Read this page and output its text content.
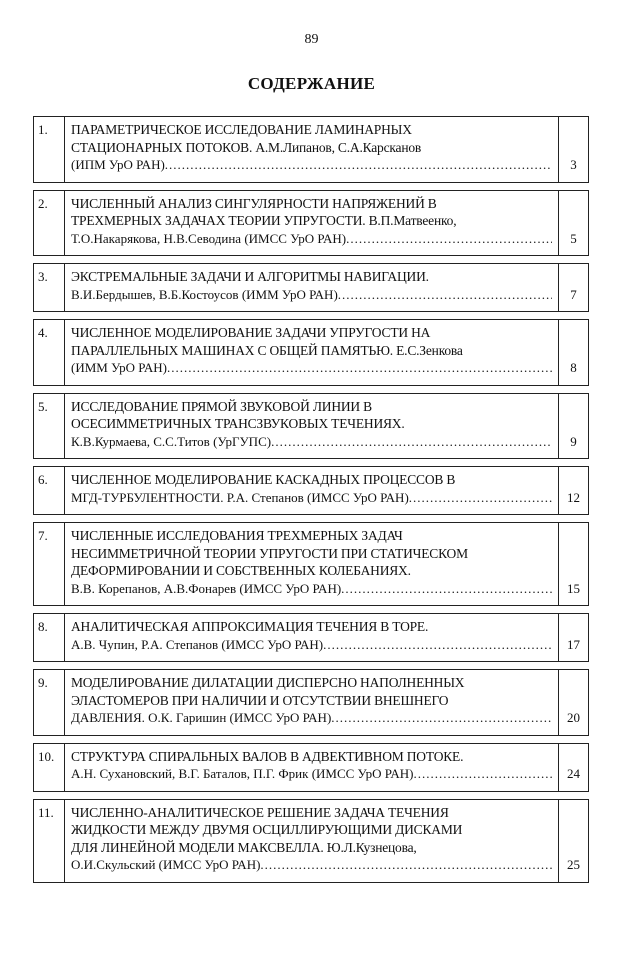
89
СОДЕРЖАНИЕ
1.	ПАРАМЕТРИЧЕСКОЕ ИССЛЕДОВАНИЕ ЛАМИНАРНЫХ
СТАЦИОНАРНЫХ ПОТОКОВ. А.М.Липанов, С.А.Карсканов
(ИПМ УрО РАН)
.....	3

2.	ЧИСЛЕННЫЙ АНАЛИЗ СИНГУЛЯРНОСТИ НАПРЯЖЕНИЙ В
ТРЕХМЕРНЫХ ЗАДАЧАХ ТЕОРИИ УПРУГОСТИ. В.П.Матвеенко,
Т.О.Накарякова, Н.В.Севодина (ИМСС УрО РАН)
.....	5

3.	ЭКСТРЕМАЛЬНЫЕ ЗАДАЧИ И АЛГОРИТМЫ НАВИГАЦИИ.
В.И.Бердышев, В.Б.Костоусов (ИММ УрО РАН)
.....	7

4.	ЧИСЛЕННОЕ МОДЕЛИРОВАНИЕ ЗАДАЧИ УПРУГОСТИ НА
ПАРАЛЛЕЛЬНЫХ МАШИНАХ С ОБЩЕЙ ПАМЯТЬЮ. Е.С.Зенкова
(ИММ УрО РАН)
.....	8

5.	ИССЛЕДОВАНИЕ ПРЯМОЙ ЗВУКОВОЙ ЛИНИИ В
ОСЕСИММЕТРИЧНЫХ ТРАНСЗВУКОВЫХ ТЕЧЕНИЯХ.
К.В.Курмаева, С.С.Титов (УрГУПС)
.....	9

6.	ЧИСЛЕННОЕ МОДЕЛИРОВАНИЕ КАСКАДНЫХ ПРОЦЕССОВ В
МГД-ТУРБУЛЕНТНОСТИ. Р.А. Степанов (ИМСС УрО РАН)
.....	12

7.	ЧИСЛЕННЫЕ ИССЛЕДОВАНИЯ ТРЕХМЕРНЫХ ЗАДАЧ
НЕСИММЕТРИЧНОЙ ТЕОРИИ УПРУГОСТИ ПРИ СТАТИЧЕСКОМ
ДЕФОРМИРОВАНИИ И СОБСТВЕННЫХ КОЛЕБАНИЯХ.
В.В. Корепанов, А.В.Фонарев (ИМСС УрО РАН)
.....	15

8.	АНАЛИТИЧЕСКАЯ АППРОКСИМАЦИЯ ТЕЧЕНИЯ В ТОРЕ.
А.В. Чупин, Р.А. Степанов (ИМСС УрО РАН)
.....	17

9.	МОДЕЛИРОВАНИЕ ДИЛАТАЦИИ ДИСПЕРСНО НАПОЛНЕННЫХ
ЭЛАСТОМЕРОВ ПРИ НАЛИЧИИ И ОТСУТСТВИИ ВНЕШНЕГО
ДАВЛЕНИЯ. О.К. Гаришин (ИМСС УрО РАН)
.....	20

10.	СТРУКТУРА СПИРАЛЬНЫХ ВАЛОВ В АДВЕКТИВНОМ ПОТОКЕ.
А.Н. Сухановский, В.Г. Баталов, П.Г. Фрик (ИМСС УрО РАН)
.....	24

11.	ЧИСЛЕННО-АНАЛИТИЧЕСКОЕ РЕШЕНИЕ ЗАДАЧА ТЕЧЕНИЯ
ЖИДКОСТИ МЕЖДУ ДВУМЯ ОСЦИЛЛИРУЮЩИМИ ДИСКАМИ
ДЛЯ ЛИНЕЙНОЙ МОДЕЛИ МАКСВЕЛЛА. Ю.Л.Кузнецова,
О.И.Скульский (ИМСС УрО РАН)
.....	25
